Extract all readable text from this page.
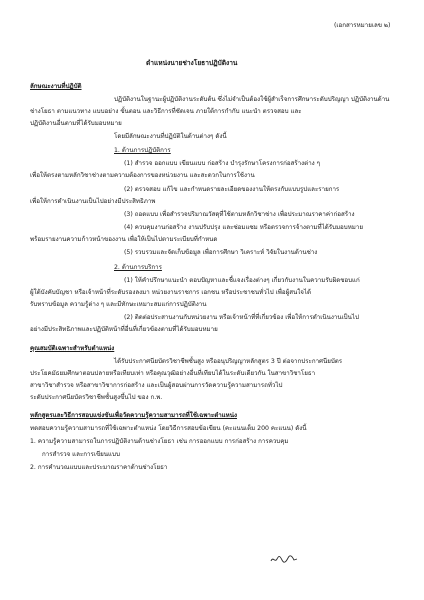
(เอกสารหมายเลข ๒)
ตำแหน่งนายช่างโยธาปฏิบัติงาน
ลักษณะงานที่ปฏิบัติ
ปฏิบัติงานในฐานะผู้ปฏิบัติงานระดับต้น ซึ่งไม่จำเป็นต้องใช้ผู้สำเร็จการศึกษาระดับปริญญา ปฏิบัติงานด้าน
ช่างโยธา ตามแนวทาง แบบอย่าง ขั้นตอน และวิธีการที่ชัดเจน ภายใต้การกำกับ แนะนำ ตรวจสอบ และ
ปฏิบัติงานอื่นตามที่ได้รับมอบหมาย
โดยมีลักษณะงานที่ปฏิบัติในด้านต่างๆ ดังนี้
1. ด้านการปฏิบัติการ
(1) สำรวจ ออกแบบ เขียนแบบ ก่อสร้าง บำรุงรักษาโครงการก่อสร้างต่าง ๆ
เพื่อให้ตรงตามหลักวิชาช่างตามความต้องการของหน่วยงาน และสะดวกในการใช้งาน
(2) ตรวจสอบ แก้ไข และกำหนดรายละเอียดของงานให้ตรงกับแบบรูปและรายการ
เพื่อให้การดำเนินงานเป็นไปอย่างมีประสิทธิภาพ
(3) ถอดแบบ เพื่อสำรวจปริมาณวัสดุที่ใช้ตามหลักวิชาช่าง เพื่อประมาณราคาค่าก่อสร้าง
(4) ควบคุมงานก่อสร้าง งานปรับปรุง และซ่อมแซม หรือตรวจการจ้างตามที่ได้รับมอบหมาย
พร้อมรายงานความก้าวหน้าของงาน เพื่อให้เป็นไปตามระเบียบที่กำหนด
(5) รวบรวมและจัดเก็บข้อมูล เพื่อการศึกษา วิเคราะห์ วิจัยในงานด้านช่าง
2. ด้านการบริการ
(1) ให้คำปรึกษาแนะนำ ตอบปัญหาและชี้แจงเรื่องต่างๆ เกี่ยวกับงานในความรับผิดชอบแก่
ผู้ใต้บังคับบัญชา หรือเจ้าหน้าที่ระดับรองลงมา หน่วยงานราชการ เอกชน หรือประชาชนทั่วไป เพื่อผู้สนใจได้
รับทราบข้อมูล ความรู้ต่าง ๆ และมีทักษะเหมาะสมแก่การปฏิบัติงาน
(2) ติดต่อประสานงานกับหน่วยงาน หรือเจ้าหน้าที่ที่เกี่ยวข้อง เพื่อให้การดำเนินงานเป็นไป
อย่างมีประสิทธิภาพและปฏิบัติหน้าที่อื่นที่เกี่ยวข้องตามที่ได้รับมอบหมาย
คุณสมบัติเฉพาะสำหรับตำแหน่ง
ได้รับประกาศนียบัตรวิชาชีพชั้นสูง หรืออนุปริญญาหลักสูตร 3 ปี ต่อจากประกาศนียบัตร
ประโยคมัธยมศึกษาตอนปลายหรือเทียบเท่า หรือคุณวุฒิอย่างอื่นที่เทียบได้ในระดับเดียวกัน ในสาขาวิชาโยธา
สาขาวิชาสำรวจ หรือสาขาวิชาการก่อสร้าง และเป็นผู้สอบผ่านการวัดความรู้ความสามารถทั่วไป
ระดับประกาศนียบัตรวิชาชีพชั้นสูงขึ้นไป ของ ก.พ.
หลักสูตรและวิธีการสอบแข่งขันเพื่อวัดความรู้ความสามารถที่ใช้เฉพาะตำแหน่ง
ทดสอบความรู้ความสามารถที่ใช้เฉพาะตำแหน่ง โดยวิธีการสอบข้อเขียน (คะแนนเต็ม 200 คะแนน) ดังนี้
1. ความรู้ความสามารถในการปฏิบัติงานด้านช่างโยธา เช่น การออกแบบ การก่อสร้าง การควบคุม
การสำรวจ และการเขียนแบบ
2. การคำนวณแบบและประมาณราคาด้านช่างโยธา
